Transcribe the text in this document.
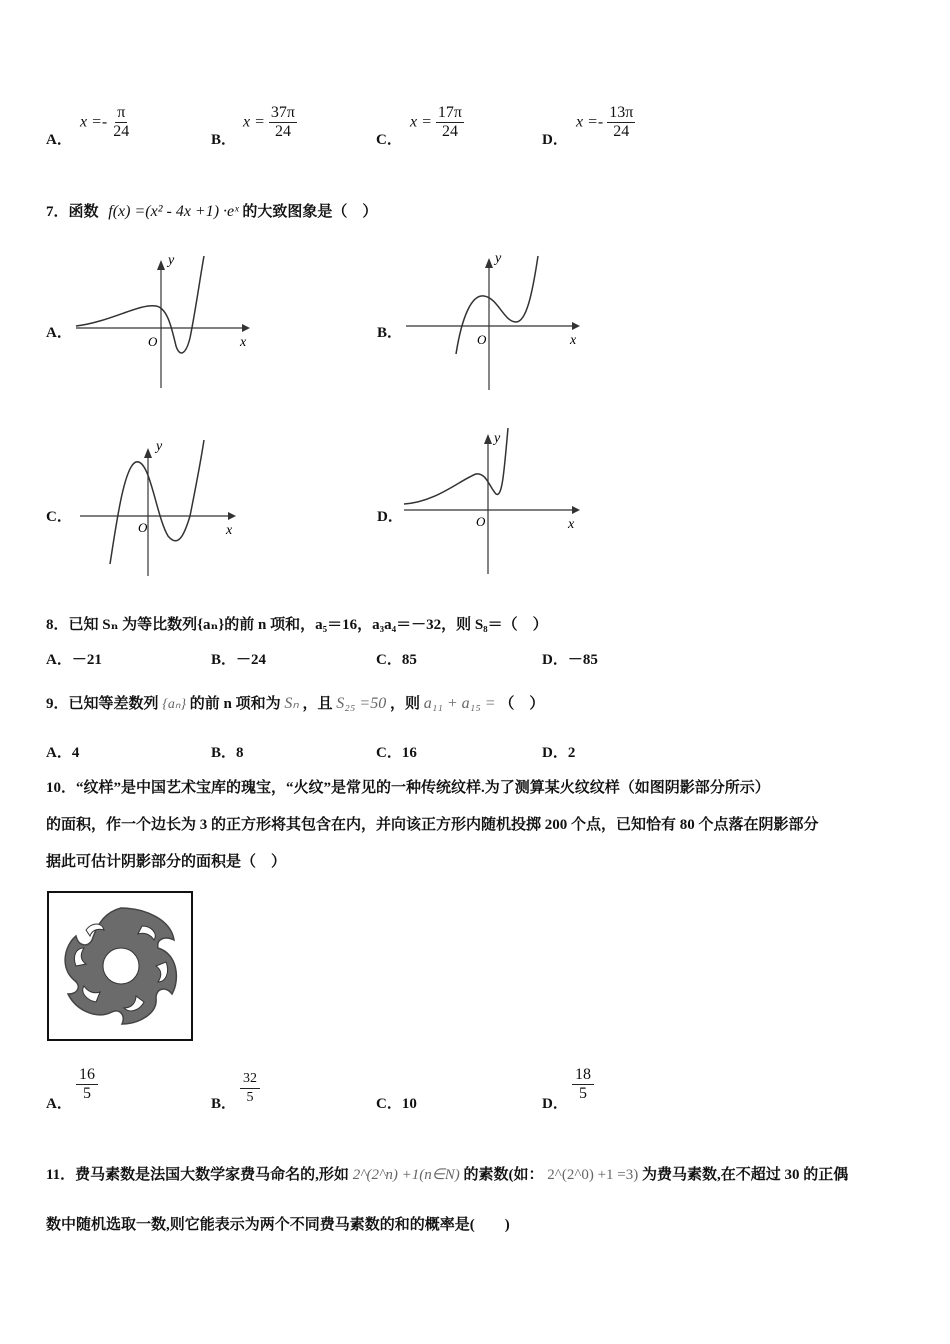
A．
$x =- \frac{\pi}{24}$	B．
$x = \frac{37\pi}{24}$	C．
$x = \frac{17\pi}{24}$	D．
$x =- \frac{13\pi}{24}$
7．函数 f(x) =(x² - 4x +1) ·eˣ 的大致图象是（　）
A．	B．
C．	D．
y
x
O
y
x
O
y
x
O
y
x
O
8．已知 Sₙ 为等比数列{aₙ}的前 n 项和，a₅＝16，a₃a₄＝－32，则 S₈＝（　）
A．－21	B．－24	C．85	D．－85
9．已知等差数列 {aₙ} 的前 n 项和为 Sₙ ，且 S₂₅ =50 ，则 a₁₁ + a₁₅ = （　）
A．4	B．8	C．16	D．2
10．“纹样”是中国艺术宝库的瑰宝，“火纹”是常见的一种传统纹样.为了测算某火纹纹样（如图阴影部分所示）
的面积，作一个边长为 3 的正方形将其包含在内，并向该正方形内随机投掷 200 个点，已知恰有 80 个点落在阴影部分
据此可估计阴影部分的面积是（　）
A．
$\frac{16}{5}$
B． $\frac{32}{5}$	C．10	D．
$\frac{18}{5}$
11．费马素数是法国大数学家费马命名的,形如 2^(2^n) +1(n∈N) 的素数(如： 2^(2^0) +1 =3) 为费马素数,在不超过 30 的正偶
数中随机选取一数,则它能表示为两个不同费马素数的和的概率是(　　)
